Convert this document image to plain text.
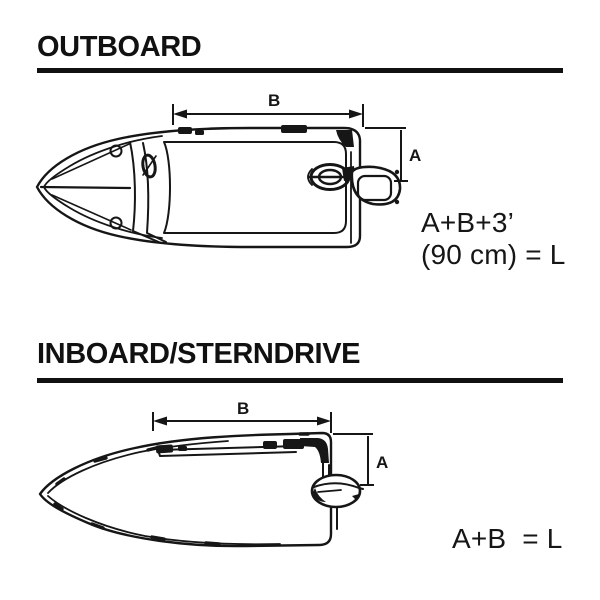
OUTBOARD
INBOARD/STERNDRIVE
B
A
A+B+3’
(90 cm) = L
B
A
A+B  = L
